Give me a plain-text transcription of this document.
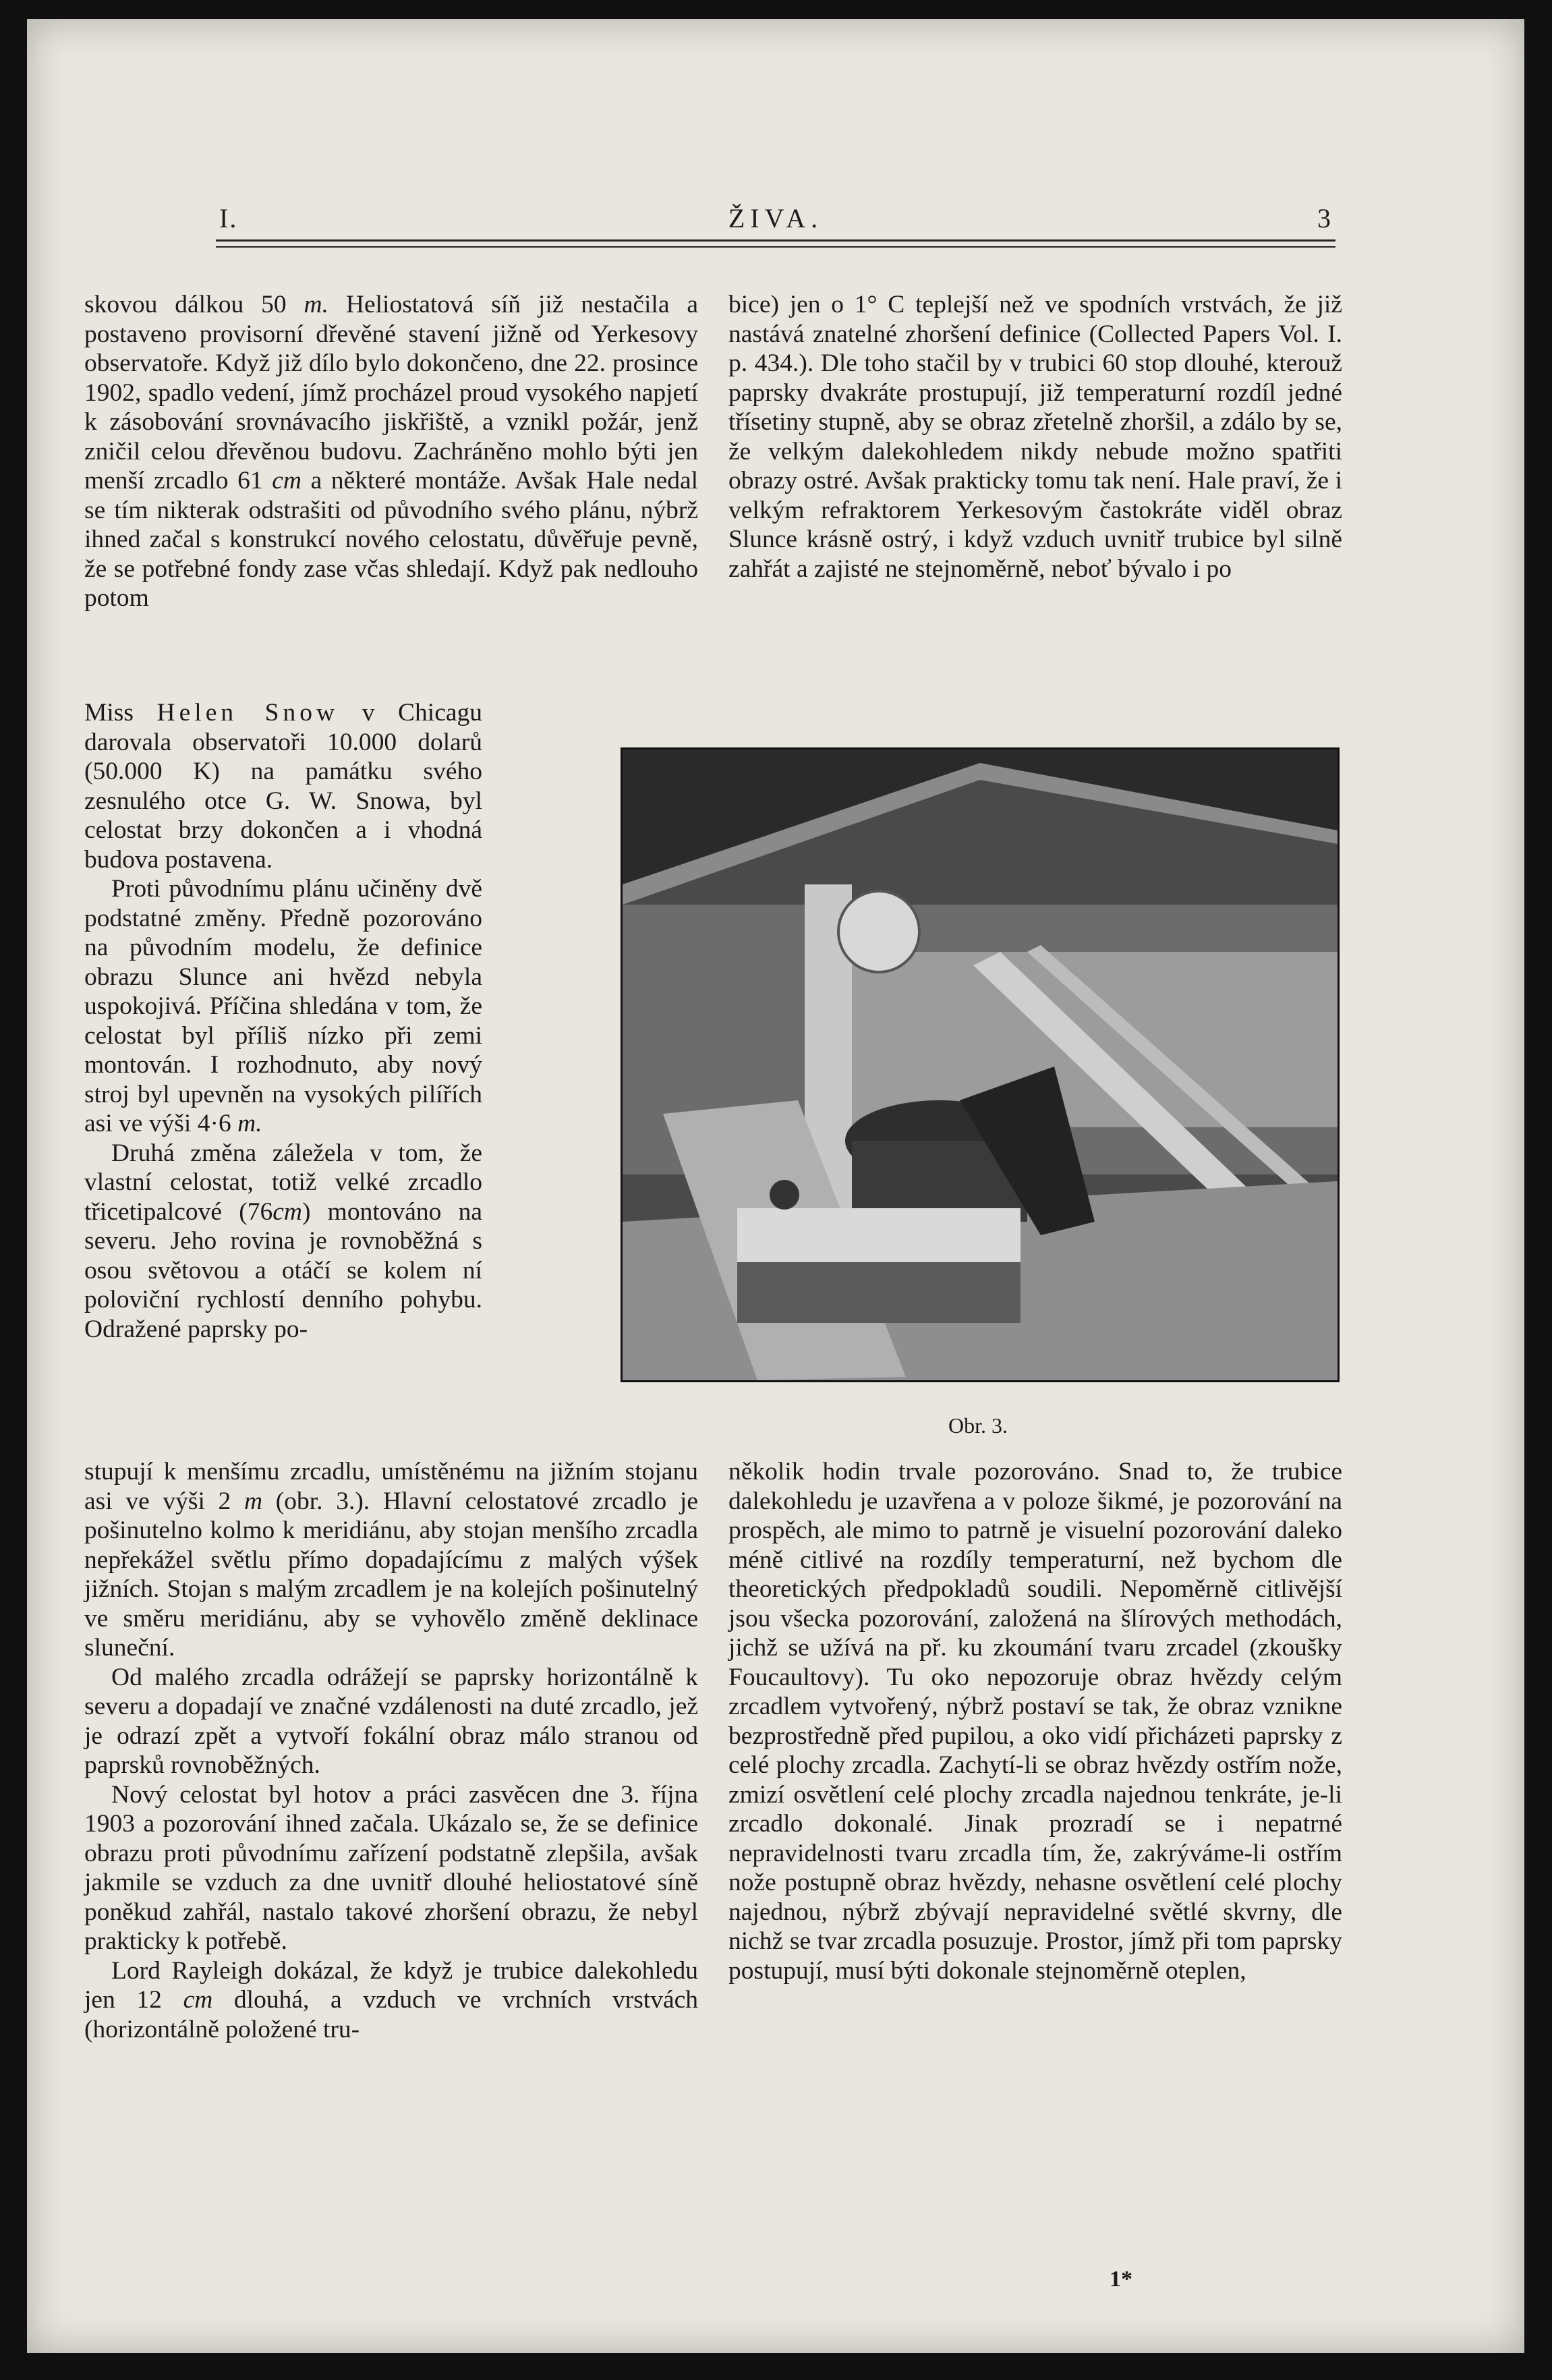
I.	ŽIVA.	3

skovou dálkou 50 m. Heliostatová síň již nestačila a postaveno provisorní dřevěné stavení jižně od Yerkesovy observatoře. Když již dílo bylo dokončeno, dne 22. prosince 1902, spadlo vedení, jímž procházel proud vysokého napjetí k zásobování srovnávacího jiskřiště, a vznikl požár, jenž zničil celou dřevěnou budovu. Zachráněno mohlo býti jen menší zrcadlo 61 cm a některé montáže. Avšak Hale nedal se tím nikterak odstrašiti od původního svého plánu, nýbrž ihned začal s konstrukcí nového celostatu, důvěřuje pevně, že se potřebné fondy zase včas shledají. Když pak nedlouho potom

Miss Helen Snow v Chicagu darovala observatoři 10.000 dolarů (50.000 K) na památku svého zesnulého otce G. W. Snowa, byl celostat brzy dokončen a i vhodná budova postavena.

Proti původnímu plánu učiněny dvě podstatné změny. Předně pozorováno na původním modelu, že definice obrazu Slunce ani hvězd nebyla uspokojivá. Příčina shledána v tom, že celostat byl příliš nízko při zemi montován. I rozhodnuto, aby nový stroj byl upevněn na vysokých pilířích asi ve výši 4·6 m.

Druhá změna záležela v tom, že vlastní celostat, totiž velké zrcadlo třicetipalcové (76cm) montováno na severu. Jeho rovina je rovnoběžná s osou světovou a otáčí se kolem ní poloviční rychlostí denního pohybu. Odražené paprsky po-

stupují k menšímu zrcadlu, umístěnému na jižním stojanu asi ve výši 2 m (obr. 3.). Hlavní celostatové zrcadlo je pošinutelno kolmo k meridiánu, aby stojan menšího zrcadla nepřekážel světlu přímo dopadajícímu z malých výšek jižních. Stojan s malým zrcadlem je na kolejích pošinutelný ve směru meridiánu, aby se vyhovělo změně deklinace sluneční.

Od malého zrcadla odrážejí se paprsky horizontálně k severu a dopadají ve značné vzdálenosti na duté zrcadlo, jež je odrazí zpět a vytvoří fokální obraz málo stranou od paprsků rovnoběžných.

Nový celostat byl hotov a práci zasvěcen dne 3. října 1903 a pozorování ihned začala. Ukázalo se, že se definice obrazu proti původnímu zařízení podstatně zlepšila, avšak jakmile se vzduch za dne uvnitř dlouhé heliostatové síně poněkud zahřál, nastalo takové zhoršení obrazu, že nebyl prakticky k potřebě.

Lord Rayleigh dokázal, že když je trubice dalekohledu jen 12 cm dlouhá, a vzduch ve vrchních vrstvách (horizontálně položené tru-

bice) jen o 1° C teplejší než ve spodních vrstvách, že již nastává znatelné zhoršení definice (Collected Papers Vol. I. p. 434.). Dle toho stačil by v trubici 60 stop dlouhé, kterouž paprsky dvakráte prostupují, již temperaturní rozdíl jedné třísetiny stupně, aby se obraz zřetelně zhoršil, a zdálo by se, že velkým dalekohledem nikdy nebude možno spatřiti obrazy ostré. Avšak prakticky tomu tak není. Hale praví, že i velkým refraktorem Yerkesovým častokráte viděl obraz Slunce krásně ostrý, i když vzduch uvnitř trubice byl silně zahřát a zajisté ne stejnoměrně, neboť bývalo i po

Obr. 3.

několik hodin trvale pozorováno. Snad to, že trubice dalekohledu je uzavřena a v poloze šikmé, je pozorování na prospěch, ale mimo to patrně je visuelní pozorování daleko méně citlivé na rozdíly temperaturní, než bychom dle theoretických předpokladů soudili. Nepoměrně citlivější jsou všecka pozorování, založená na šlírových methodách, jichž se užívá na př. ku zkoumání tvaru zrcadel (zkoušky Foucaultovy). Tu oko nepozoruje obraz hvězdy celým zrcadlem vytvořený, nýbrž postaví se tak, že obraz vznikne bezprostředně před pupilou, a oko vidí přicházeti paprsky z celé plochy zrcadla. Zachytí-li se obraz hvězdy ostřím nože, zmizí osvětlení celé plochy zrcadla najednou tenkráte, je-li zrcadlo dokonalé. Jinak prozradí se i nepatrné nepravidelnosti tvaru zrcadla tím, že, zakrýváme-li ostřím nože postupně obraz hvězdy, nehasne osvětlení celé plochy najednou, nýbrž zbývají nepravidelné světlé skvrny, dle nichž se tvar zrcadla posuzuje. Prostor, jímž při tom paprsky postupují, musí býti dokonale stejnoměrně oteplen,

1*
